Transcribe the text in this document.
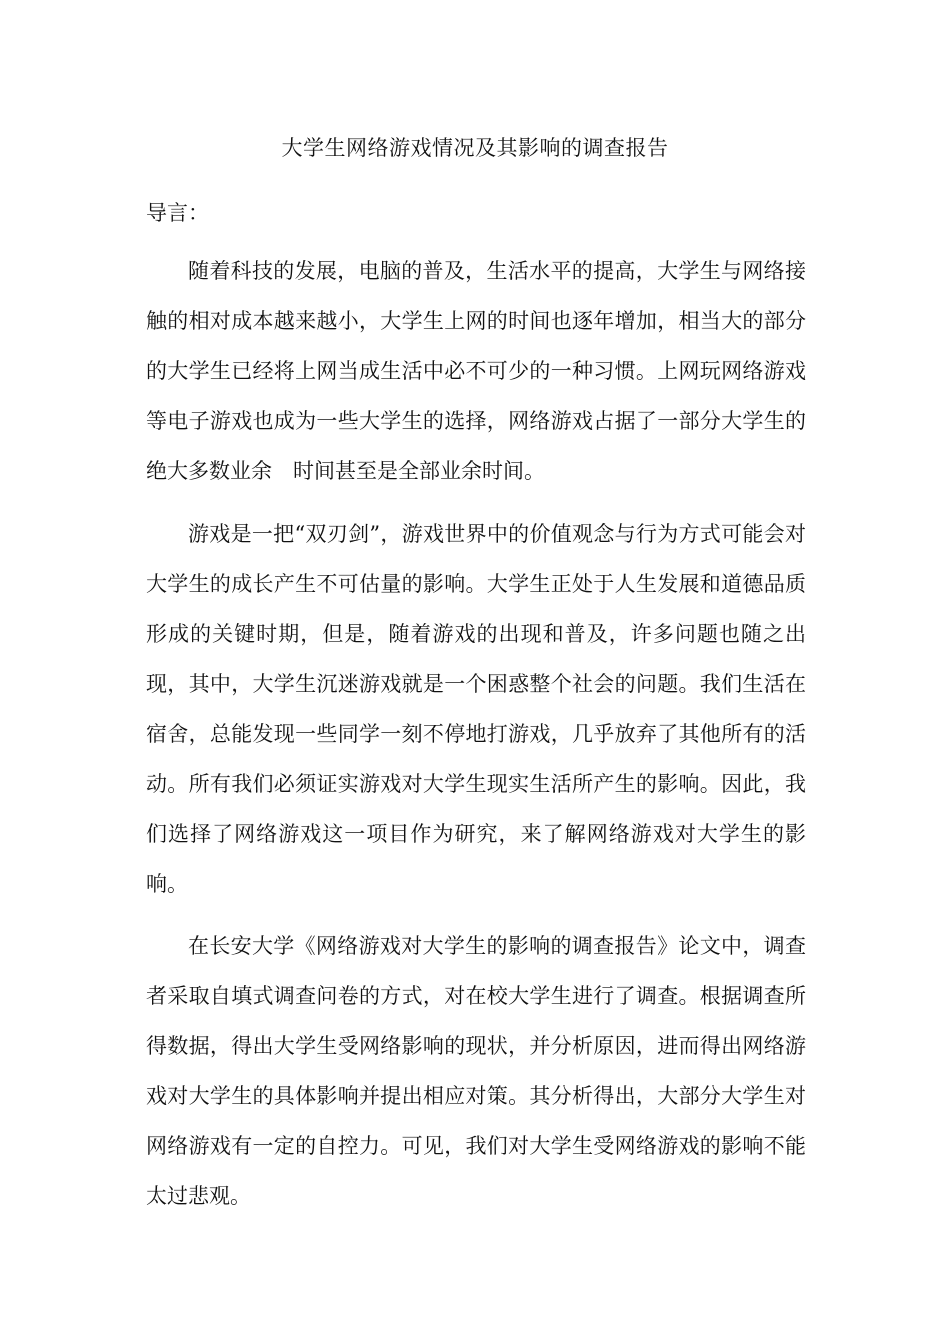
大学生网络游戏情况及其影响的调查报告
导言：

随着科技的发展，电脑的普及，生活水平的提高，大学生与网络接触的相对成本越来越小，大学生上网的时间也逐年增加，相当大的部分的大学生已经将上网当成生活中必不可少的一种习惯。上网玩网络游戏等电子游戏也成为一些大学生的选择，网络游戏占据了一部分大学生的绝大多数业余　时间甚至是全部业余时间。

游戏是一把“双刃剑”，游戏世界中的价值观念与行为方式可能会对大学生的成长产生不可估量的影响。大学生正处于人生发展和道德品质形成的关键时期，但是，随着游戏的出现和普及，许多问题也随之出现，其中，大学生沉迷游戏就是一个困惑整个社会的问题。我们生活在宿舍，总能发现一些同学一刻不停地打游戏，几乎放弃了其他所有的活动。所有我们必须证实游戏对大学生现实生活所产生的影响。因此，我们选择了网络游戏这一项目作为研究，来了解网络游戏对大学生的影响。

在长安大学《网络游戏对大学生的影响的调查报告》论文中，调查者采取自填式调查问卷的方式，对在校大学生进行了调查。根据调查所得数据，得出大学生受网络影响的现状，并分析原因，进而得出网络游戏对大学生的具体影响并提出相应对策。其分析得出，大部分大学生对网络游戏有一定的自控力。可见，我们对大学生受网络游戏的影响不能太过悲观。
